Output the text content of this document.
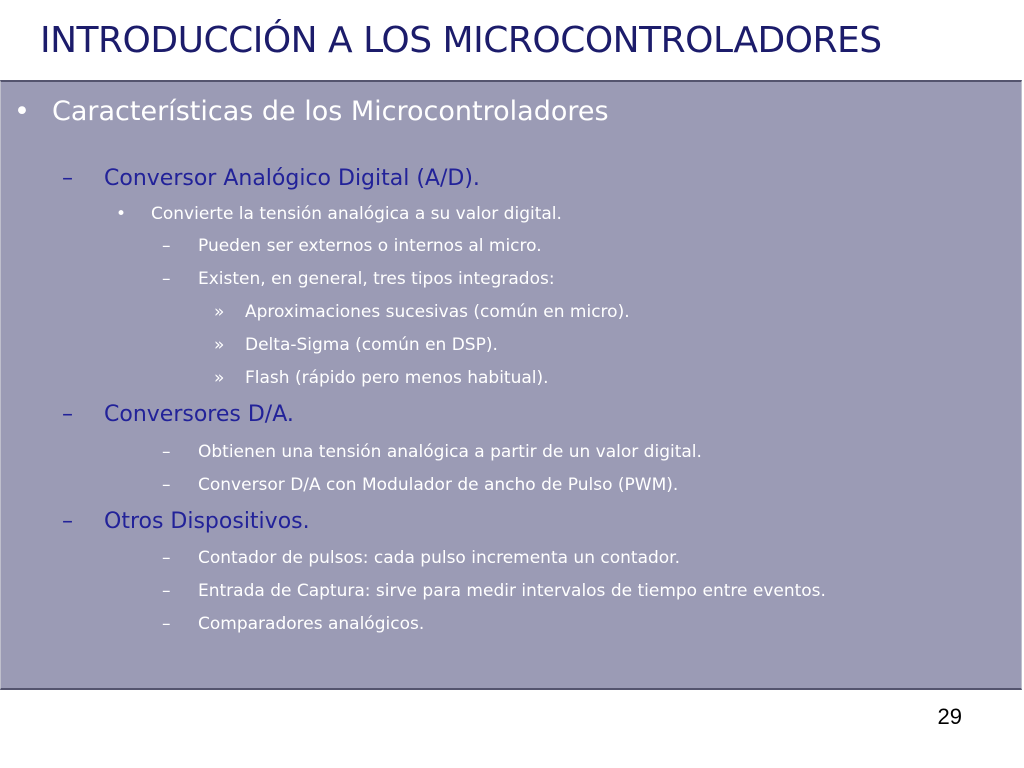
INTRODUCCIÓN A LOS MICROCONTROLADORES
• Características de los Microcontroladores
– Conversor Analógico Digital (A/D).
• Convierte la tensión analógica a su valor digital.
– Pueden ser externos o internos al micro.
– Existen, en general, tres tipos integrados:
» Aproximaciones sucesivas (común en micro).
» Delta-Sigma (común en DSP).
» Flash (rápido pero menos habitual).
– Conversores D/A.
– Obtienen una tensión analógica a partir de un valor digital.
– Conversor D/A con Modulador de ancho de Pulso (PWM).
– Otros Dispositivos.
– Contador de pulsos: cada pulso incrementa un contador.
– Entrada de Captura: sirve para medir intervalos de tiempo entre eventos.
– Comparadores analógicos.
29
